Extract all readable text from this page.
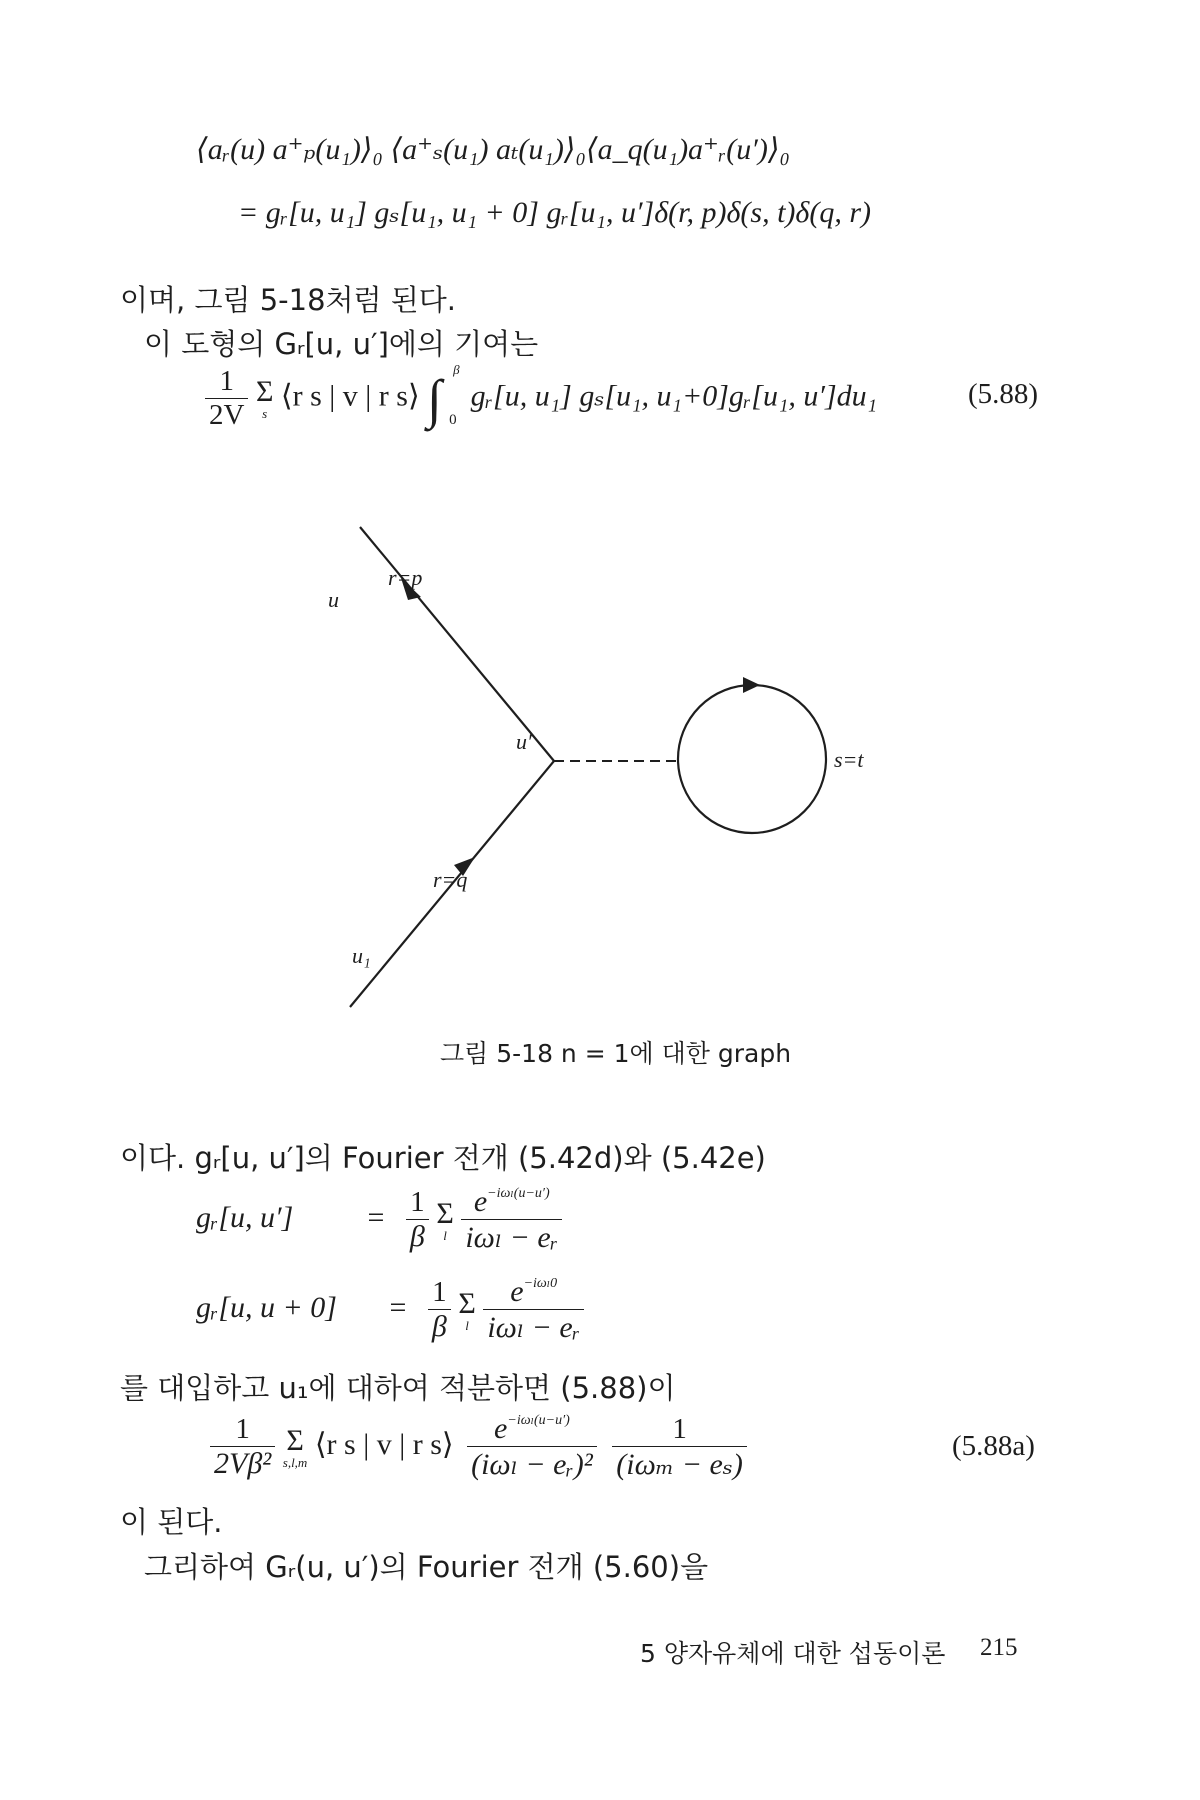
⟨aᵣ(u) a⁺ₚ(u₁)⟩₀ ⟨a⁺ₛ(u₁) aₜ(u₁)⟩₀⟨a_q(u₁)a⁺ᵣ(u′)⟩₀
= gᵣ[u, u₁] gₛ[u₁, u₁ + 0] gᵣ[u₁, u′]δ(r, p)δ(s, t)δ(q, r)
이며, 그림 5-18처럼 된다.
이 도형의 Gᵣ[u, u′]에의 기여는
$\frac{1}{2V}$
Σ
s
⟨r s | v | r s⟩ ∫ β
0
gᵣ[u, u₁] gₛ[u₁, u₁+0]gᵣ[u₁, u′]du₁	(5.88)
u
r=p
u′
s=t
r=q
u₁
그림 5-18 n = 1에 대한 graph
이다. gᵣ[u, u′]의 Fourier 전개 (5.42d)와 (5.42e)
gᵣ[u, $u'] = \frac{1}{\beta}$
Σ
l
$\frac{e^{-i\omega_l(u-u')}}{\text{iωₗ − eᵣ}}$
gᵣ[u, $u + 0] = \frac{1}{\beta}$
Σ
l
$\frac{e^{-i\omega_l0}}{\text{iωₗ − eᵣ}}$
를 대입하고 u₁에 대하여 적분하면 (5.88)이
$\frac{1}{\text{2Vβ²}}$
Σ
s,l,m
⟨r s | v | r s⟩ $\frac{e^{-i\omega_l(u-u')}}{\text{(iωₗ − eᵣ)²}}$
$\frac{1}{\text{(iωₘ − eₛ)}}$	(5.88a)
이 된다.
그리하여 Gᵣ(u, u′)의 Fourier 전개 (5.60)을
5 양자유체에 대한 섭동이론 215
